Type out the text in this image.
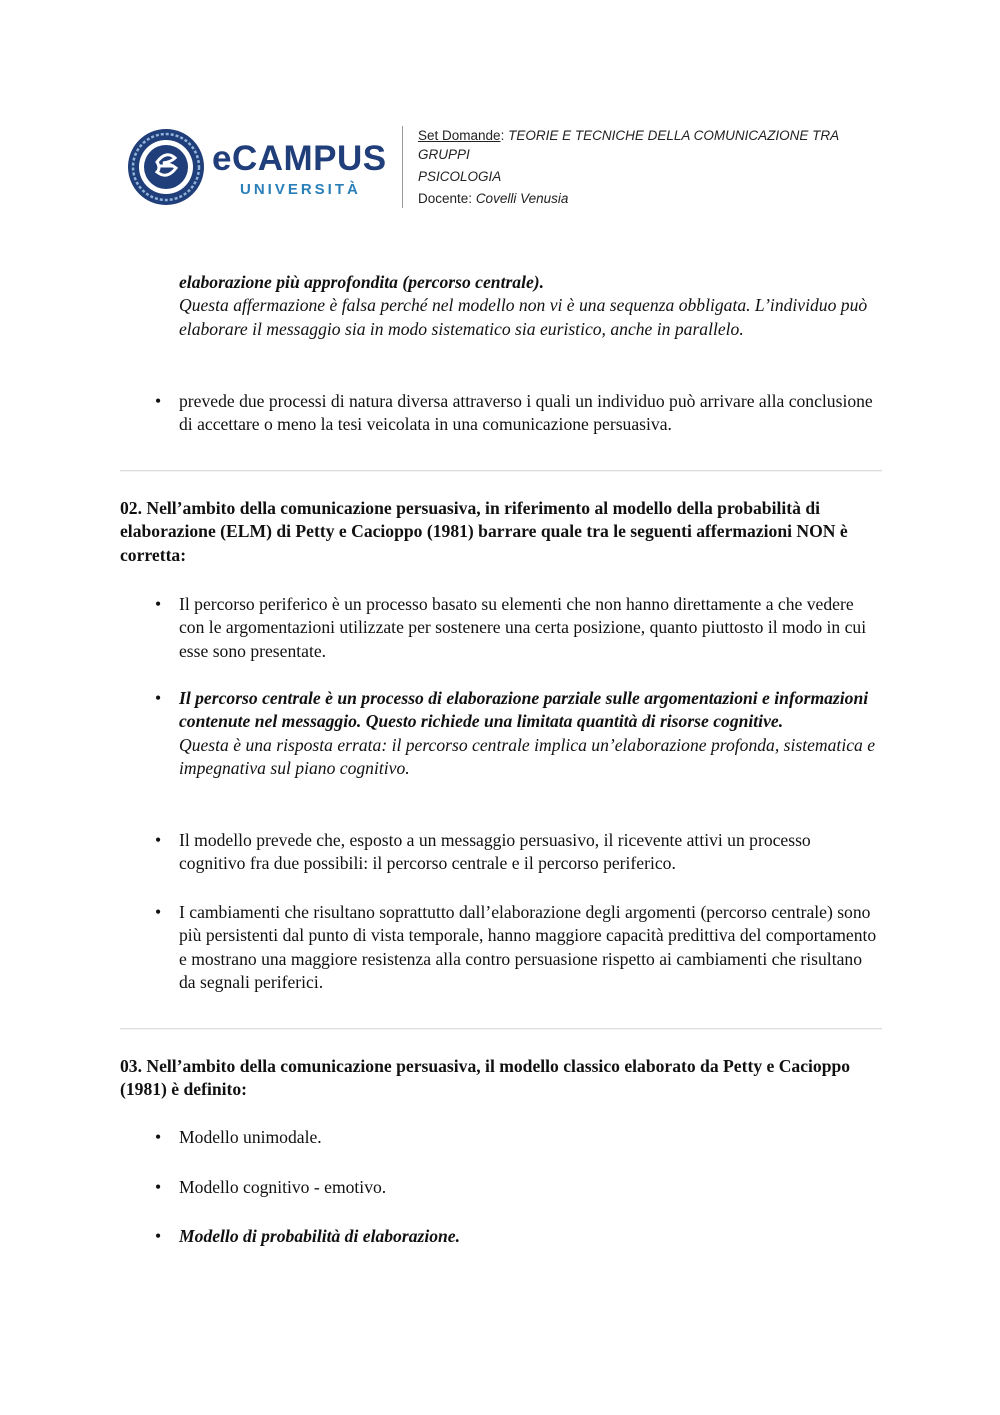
eCAMPUS
UNIVERSITÀ

Set Domande: TEORIE E TECNICHE DELLA COMUNICAZIONE TRA GRUPPI

PSICOLOGIA

Docente: Covelli Venusia

elaborazione più approfondita (percorso centrale).
Questa affermazione è falsa perché nel modello non vi è una sequenza obbligata. L’individuo può elaborare il messaggio sia in modo sistematico sia euristico, anche in parallelo.
• prevede due processi di natura diversa attraverso i quali un individuo può arrivare alla conclusione di accettare o meno la tesi veicolata in una comunicazione persuasiva.
02. Nell’ambito della comunicazione persuasiva, in riferimento al modello della probabilità di elaborazione (ELM) di Petty e Cacioppo (1981) barrare quale tra le seguenti affermazioni NON è corretta:
• Il percorso periferico è un processo basato su elementi che non hanno direttamente a che vedere con le argomentazioni utilizzate per sostenere una certa posizione, quanto piuttosto il modo in cui esse sono presentate.
• Il percorso centrale è un processo di elaborazione parziale sulle argomentazioni e informazioni contenute nel messaggio. Questo richiede una limitata quantità di risorse cognitive.
Questa è una risposta errata: il percorso centrale implica un’elaborazione profonda, sistematica e impegnativa sul piano cognitivo.
• Il modello prevede che, esposto a un messaggio persuasivo, il ricevente attivi un processo cognitivo fra due possibili: il percorso centrale e il percorso periferico.
• I cambiamenti che risultano soprattutto dall’elaborazione degli argomenti (percorso centrale) sono più persistenti dal punto di vista temporale, hanno maggiore capacità predittiva del comportamento e mostrano una maggiore resistenza alla contro persuasione rispetto ai cambiamenti che risultano da segnali periferici.
03. Nell’ambito della comunicazione persuasiva, il modello classico elaborato da Petty e Cacioppo (1981) è definito:
• Modello unimodale.
• Modello cognitivo - emotivo.
• Modello di probabilità di elaborazione.
